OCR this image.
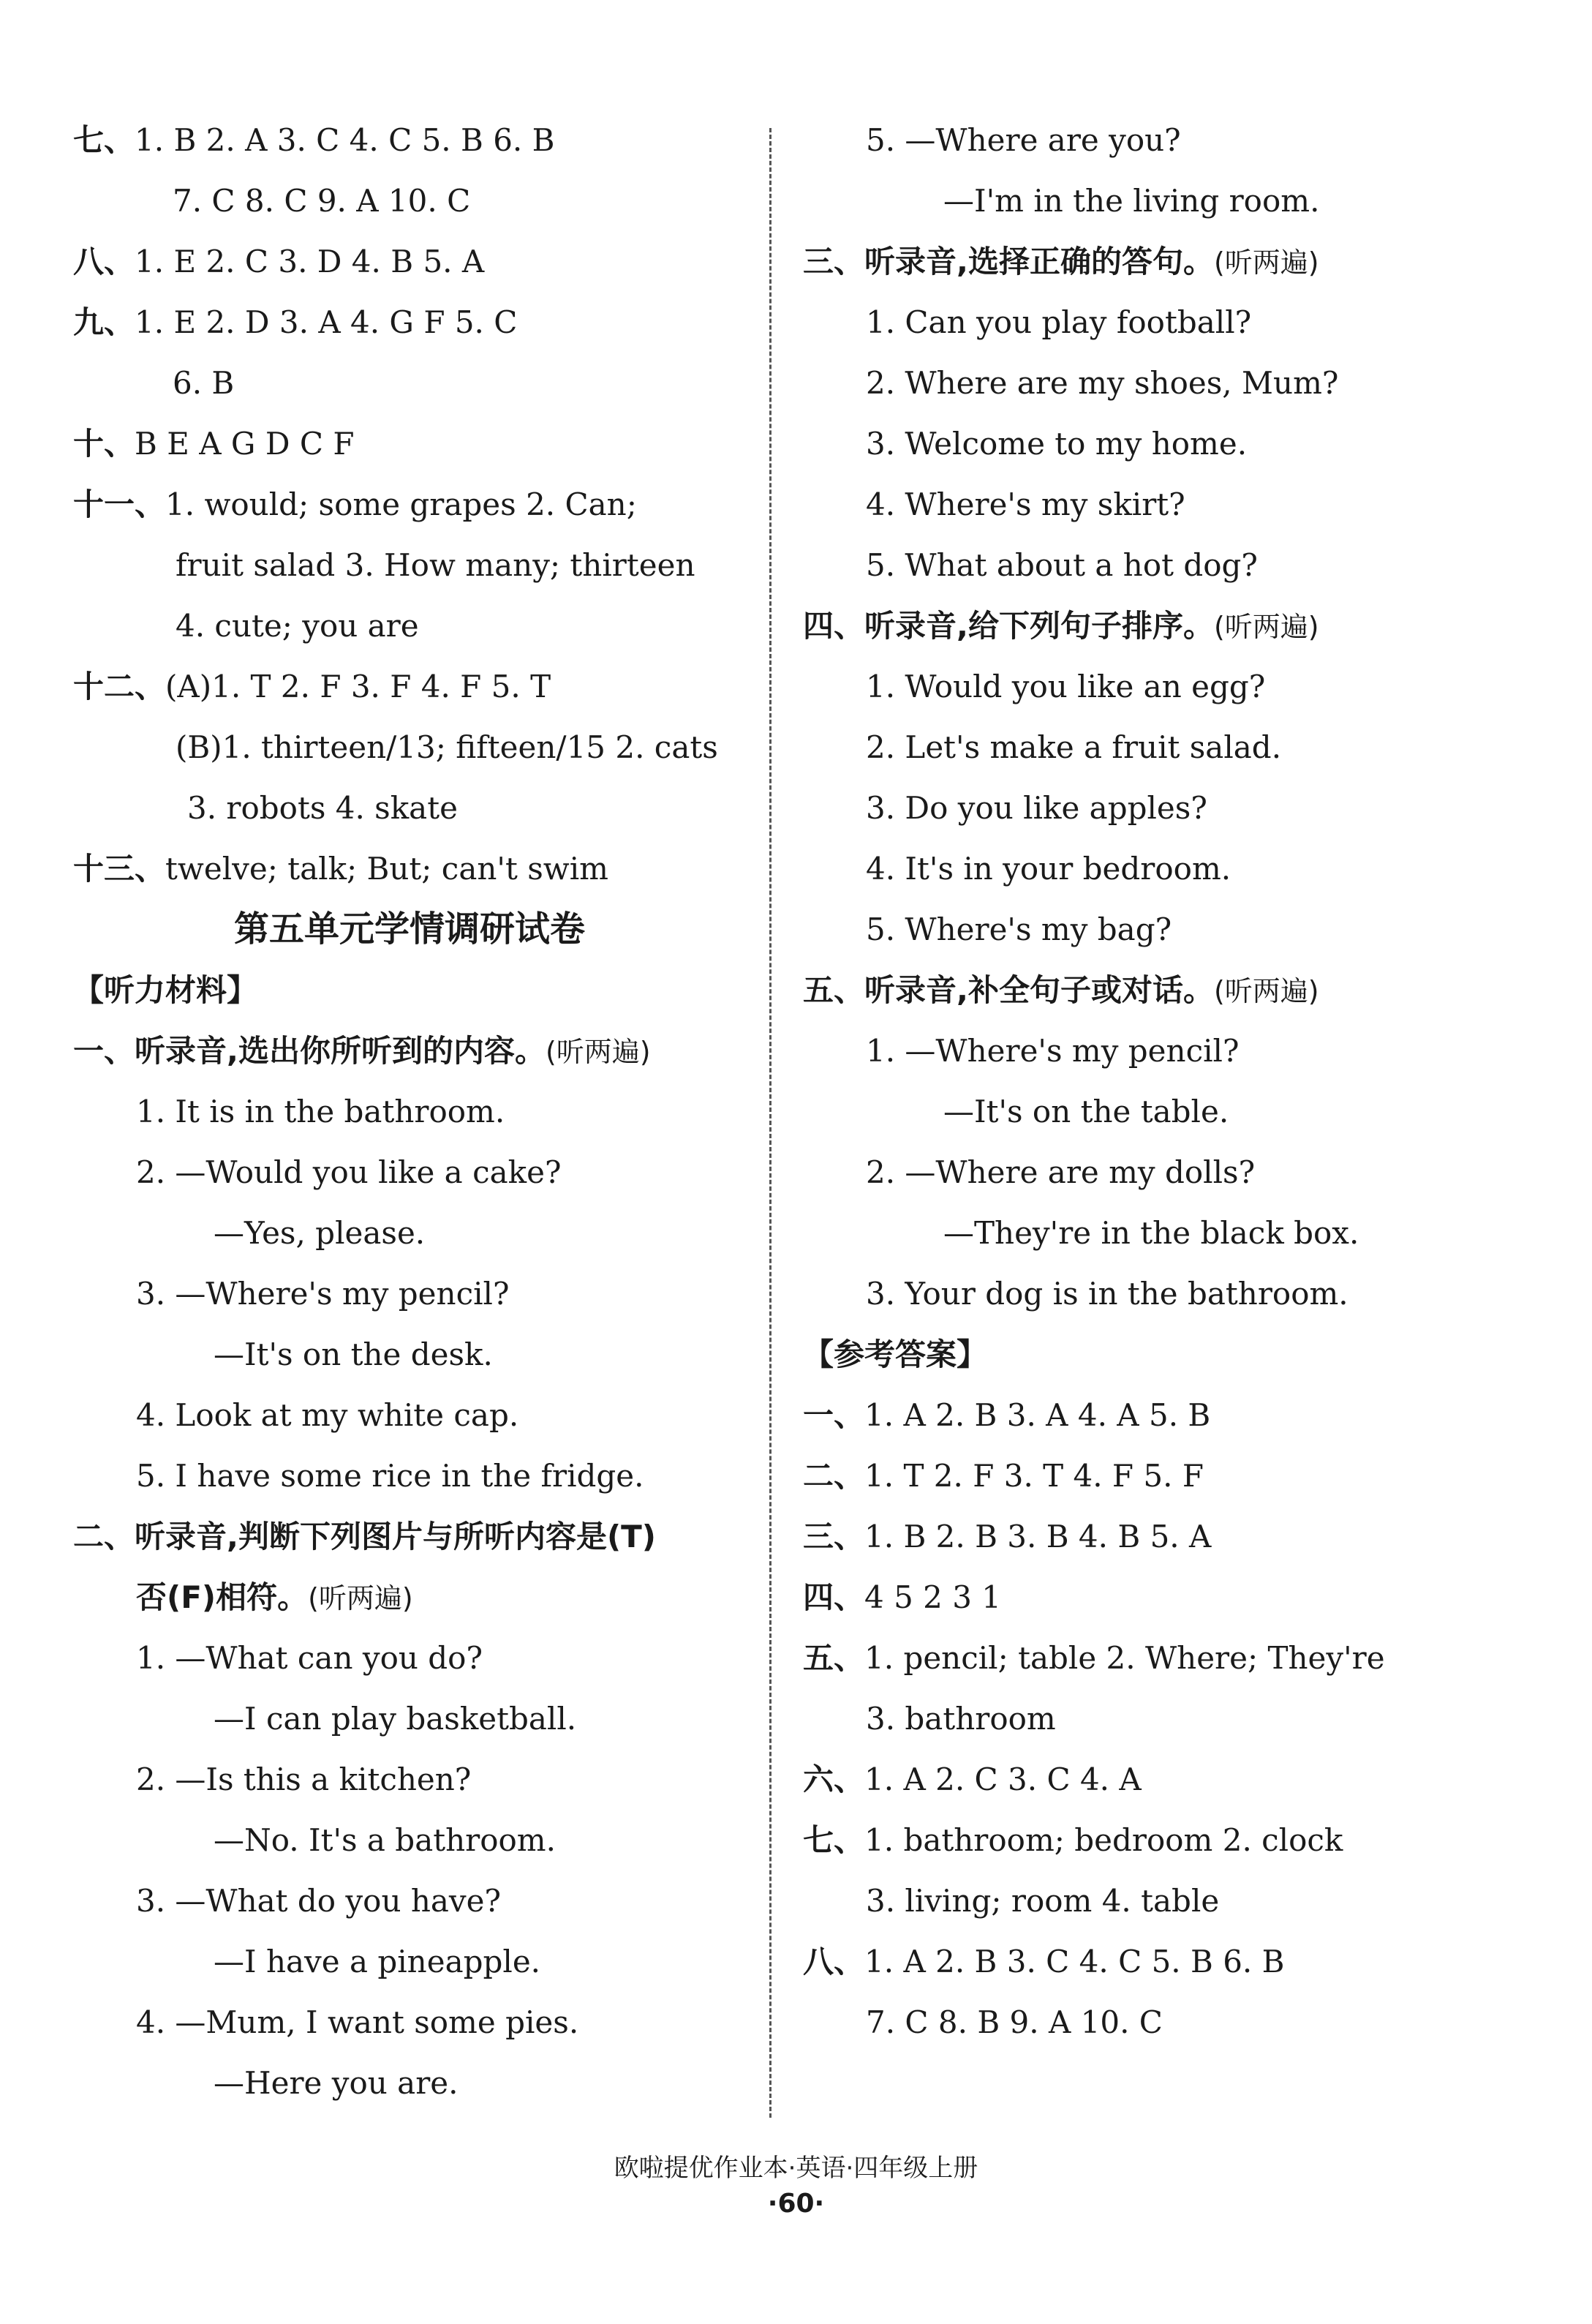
七、1. B 2. A 3. C 4. C 5. B 6. B
7. C 8. C 9. A 10. C
八、1. E 2. C 3. D 4. B 5. A
九、1. E 2. D 3. A 4. G F 5. C
6. B
十、B E A G D C F
十一、1. would; some grapes 2. Can;
fruit salad 3. How many; thirteen
4. cute; you are
十二、(A)1. T 2. F 3. F 4. F 5. T
(B)1. thirteen/13; fifteen/15 2. cats
3. robots 4. skate
十三、twelve; talk; But; can't swim
第五单元学情调研试卷
【听力材料】
一、听录音,选出你所听到的内容。(听两遍)
1. It is in the bathroom.
2. —Would you like a cake?
—Yes, please.
3. —Where's my pencil?
—It's on the desk.
4. Look at my white cap.
5. I have some rice in the fridge.
二、听录音,判断下列图片与所听内容是(T)
否(F)相符。(听两遍)
1. —What can you do?
—I can play basketball.
2. —Is this a kitchen?
—No. It's a bathroom.
3. —What do you have?
—I have a pineapple.
4. —Mum, I want some pies.
—Here you are.
5. —Where are you?
—I'm in the living room.
三、听录音,选择正确的答句。(听两遍)
1. Can you play football?
2. Where are my shoes, Mum?
3. Welcome to my home.
4. Where's my skirt?
5. What about a hot dog?
四、听录音,给下列句子排序。(听两遍)
1. Would you like an egg?
2. Let's make a fruit salad.
3. Do you like apples?
4. It's in your bedroom.
5. Where's my bag?
五、听录音,补全句子或对话。(听两遍)
1. —Where's my pencil?
—It's on the table.
2. —Where are my dolls?
—They're in the black box.
3. Your dog is in the bathroom.
【参考答案】
一、1. A 2. B 3. A 4. A 5. B
二、1. T 2. F 3. T 4. F 5. F
三、1. B 2. B 3. B 4. B 5. A
四、4 5 2 3 1
五、1. pencil; table 2. Where; They're
3. bathroom
六、1. A 2. C 3. C 4. A
七、1. bathroom; bedroom 2. clock
3. living; room 4. table
八、1. A 2. B 3. C 4. C 5. B 6. B
7. C 8. B 9. A 10. C
欧啦提优作业本·英语·四年级上册
·60·
